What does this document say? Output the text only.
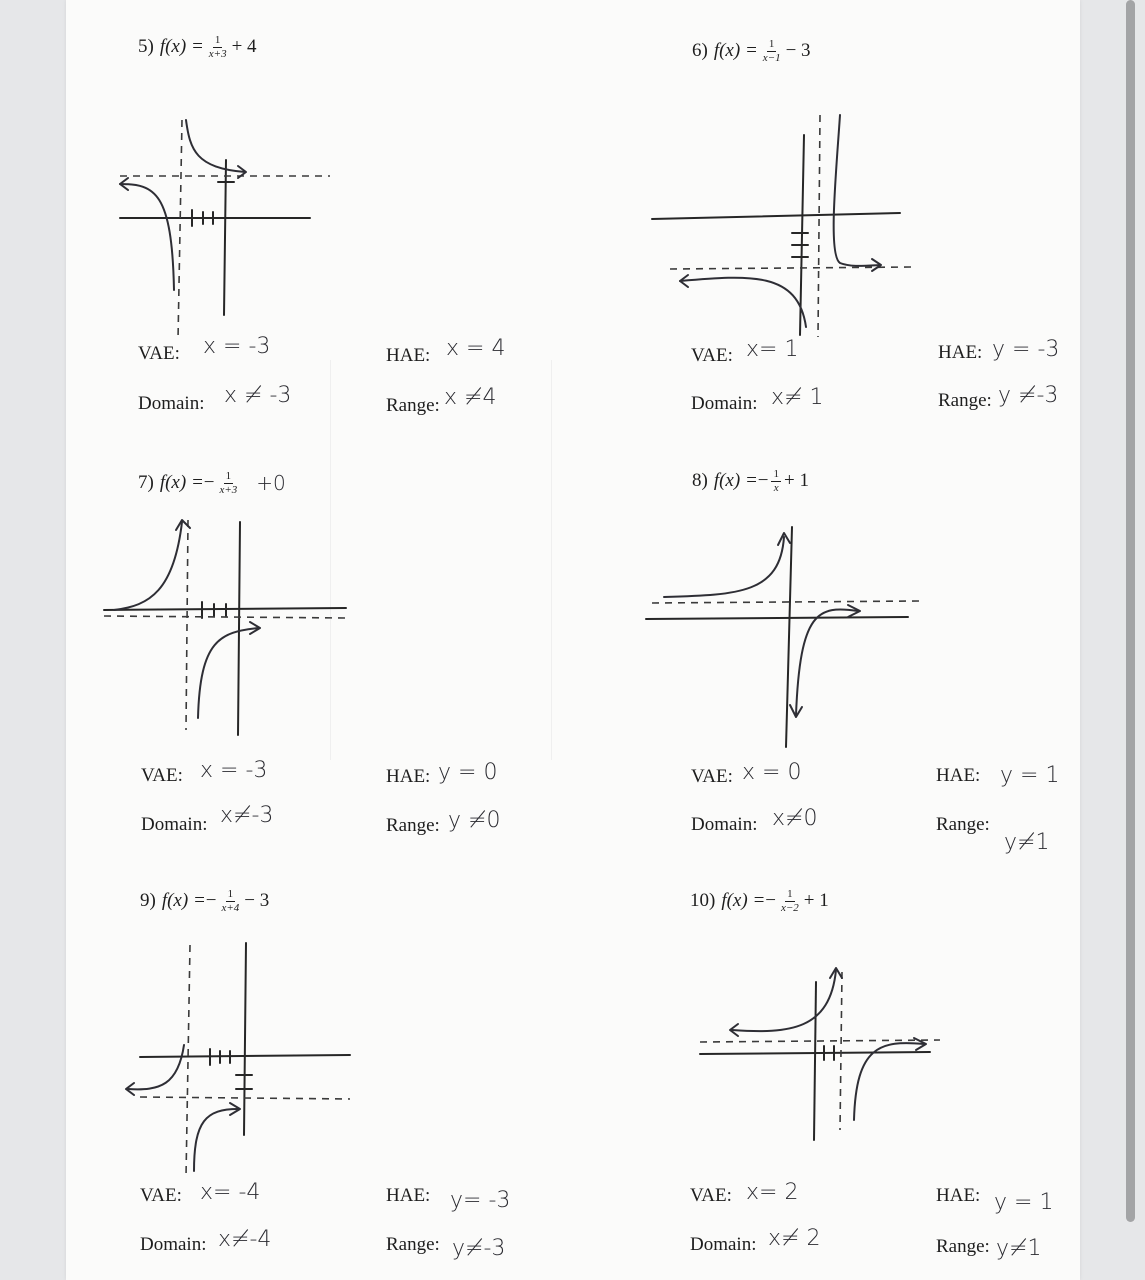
5) $f(x) = \frac{1}{x+3} + 4$
VAE: x = -3	HAE: x = 4
Domain: x ≠ -3	Range: x ≠4
6) $f(x) = \frac{1}{x-1} - 3$
VAE: x= 1	HAE: y = -3
Domain: x≠ 1	Range: y ≠-3
7) f(x) = − $\frac{1}{x+3} +0$
VAE: x = -3	HAE: y = 0
Domain: x≠-3	Range: y ≠0
8) f(x) = − $\frac{1}{x} + 1$
VAE: x = 0	HAE: y = 1
Domain: x≠0	Range:
y≠1
9) f(x) = − $\frac{1}{x+4} - 3$
VAE: x= -4	HAE: y= -3
Domain: x≠-4	Range: y≠-3
10) f(x) = − $\frac{1}{x-2} + 1$
VAE: x= 2	HAE: y = 1
Domain: x≠ 2	Range: y≠1
